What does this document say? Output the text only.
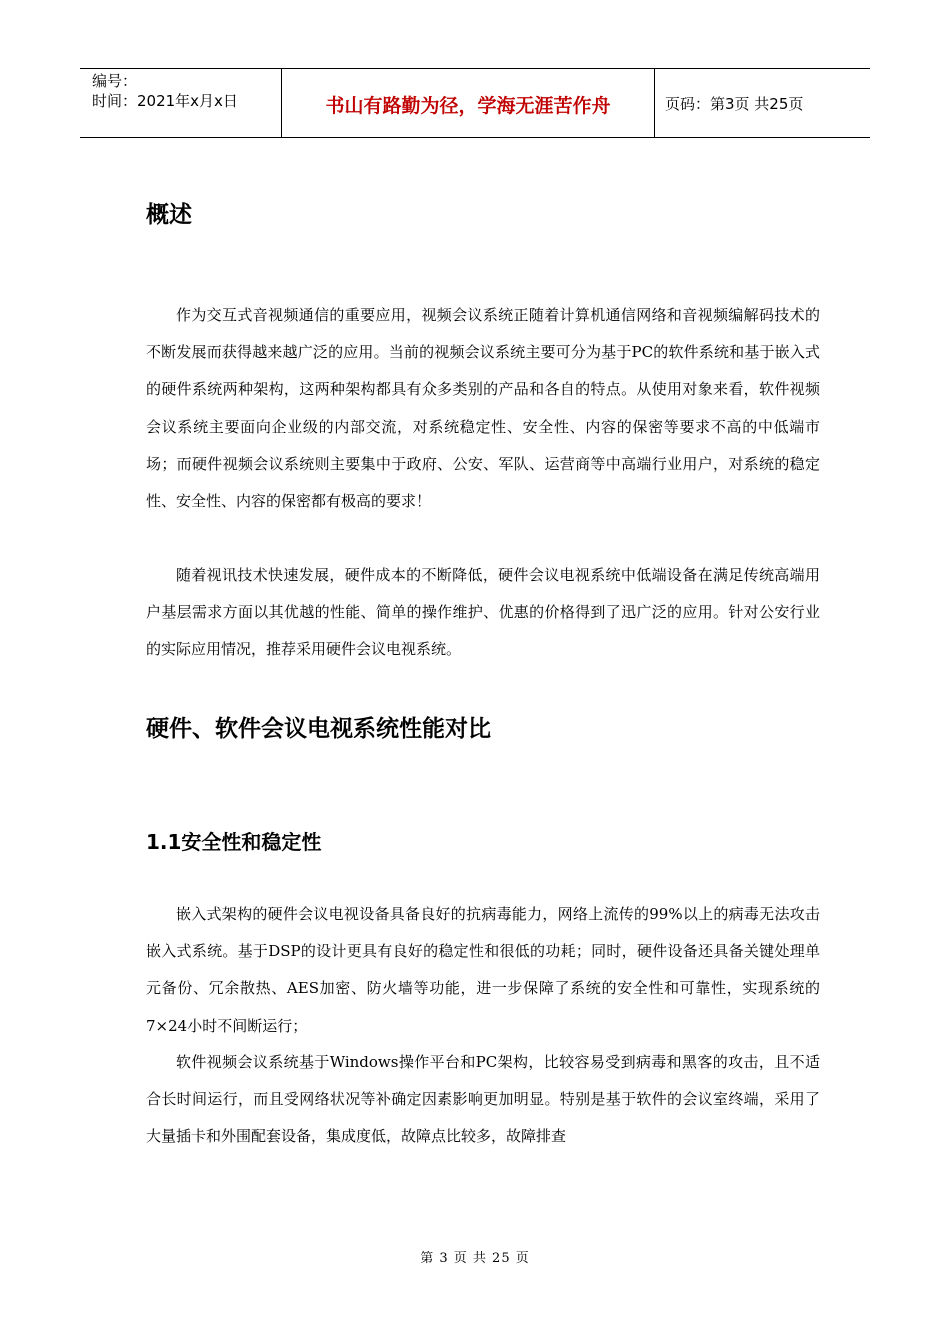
编号：
时间：2021年x月x日	书山有路勤为径，学海无涯苦作舟	页码：第3页 共25页
概述

作为交互式音视频通信的重要应用，视频会议系统正随着计算机通信网络和音视频编解码技术的不断发展而获得越来越广泛的应用。当前的视频会议系统主要可分为基于PC的软件系统和基于嵌入式的硬件系统两种架构，这两种架构都具有众多类别的产品和各自的特点。从使用对象来看，软件视频会议系统主要面向企业级的内部交流，对系统稳定性、安全性、内容的保密等要求不高的中低端市场；而硬件视频会议系统则主要集中于政府、公安、军队、运营商等中高端行业用户，对系统的稳定性、安全性、内容的保密都有极高的要求！

随着视讯技术快速发展，硬件成本的不断降低，硬件会议电视系统中低端设备在满足传统高端用户基层需求方面以其优越的性能、简单的操作维护、优惠的价格得到了迅广泛的应用。针对公安行业的实际应用情况，推荐采用硬件会议电视系统。

硬件、软件会议电视系统性能对比
1.1安全性和稳定性

嵌入式架构的硬件会议电视设备具备良好的抗病毒能力，网络上流传的99%以上的病毒无法攻击嵌入式系统。基于DSP的设计更具有良好的稳定性和很低的功耗；同时，硬件设备还具备关键处理单元备份、冗余散热、AES加密、防火墙等功能，进一步保障了系统的安全性和可靠性，实现系统的7×24小时不间断运行；

软件视频会议系统基于Windows操作平台和PC架构，比较容易受到病毒和黑客的攻击，且不适合长时间运行，而且受网络状况等补确定因素影响更加明显。特别是基于软件的会议室终端，采用了大量插卡和外围配套设备，集成度低，故障点比较多，故障排查

第 3 页 共 25 页
